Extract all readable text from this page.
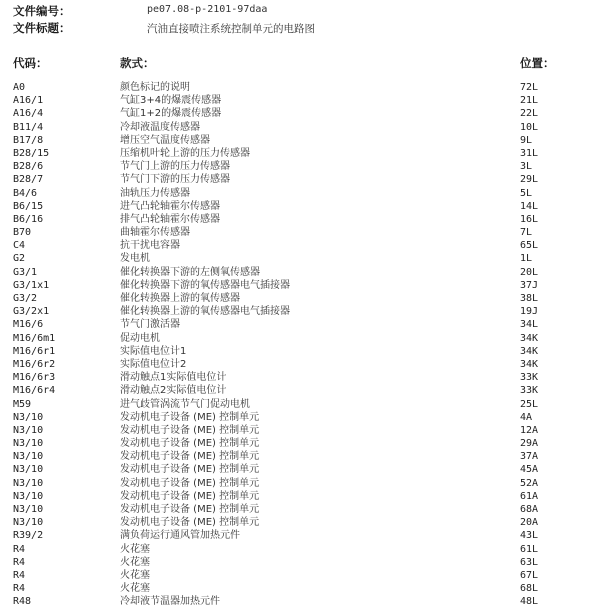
文件编号：	pe07.08-p-2101-97daa
文件标题：	汽油直接喷注系统控制单元的电路图
代码：	款式：	位置：
A0	颜色标记的说明	72L
A16/1	气缸3+4的爆震传感器	21L
A16/4	气缸1+2的爆震传感器	22L
B11/4	冷却液温度传感器	10L
B17/8	增压空气温度传感器	9L
B28/15	压缩机叶轮上游的压力传感器	31L
B28/6	节气门上游的压力传感器	3L
B28/7	节气门下游的压力传感器	29L
B4/6	油轨压力传感器	5L
B6/15	进气凸轮轴霍尔传感器	14L
B6/16	排气凸轮轴霍尔传感器	16L
B70	曲轴霍尔传感器	7L
C4	抗干扰电容器	65L
G2	发电机	1L
G3/1	催化转换器下游的左侧氧传感器	20L
G3/1x1	催化转换器下游的氧传感器电气插接器	37J
G3/2	催化转换器上游的氧传感器	38L
G3/2x1	催化转换器上游的氧传感器电气插接器	19J
M16/6	节气门激活器	34L
M16/6m1	促动电机	34K
M16/6r1	实际值电位计1	34K
M16/6r2	实际值电位计2	34K
M16/6r3	滑动触点1实际值电位计	33K
M16/6r4	滑动触点2实际值电位计	33K
M59	进气歧管涡流节气门促动电机	25L
N3/10	发动机电子设备 (ME) 控制单元	4A
N3/10	发动机电子设备 (ME) 控制单元	12A
N3/10	发动机电子设备 (ME) 控制单元	29A
N3/10	发动机电子设备 (ME) 控制单元	37A
N3/10	发动机电子设备 (ME) 控制单元	45A
N3/10	发动机电子设备 (ME) 控制单元	52A
N3/10	发动机电子设备 (ME) 控制单元	61A
N3/10	发动机电子设备 (ME) 控制单元	68A
N3/10	发动机电子设备 (ME) 控制单元	20A
R39/2	满负荷运行通风管加热元件	43L
R4	火花塞	61L
R4	火花塞	63L
R4	火花塞	67L
R4	火花塞	68L
R48	冷却液节温器加热元件	48L
